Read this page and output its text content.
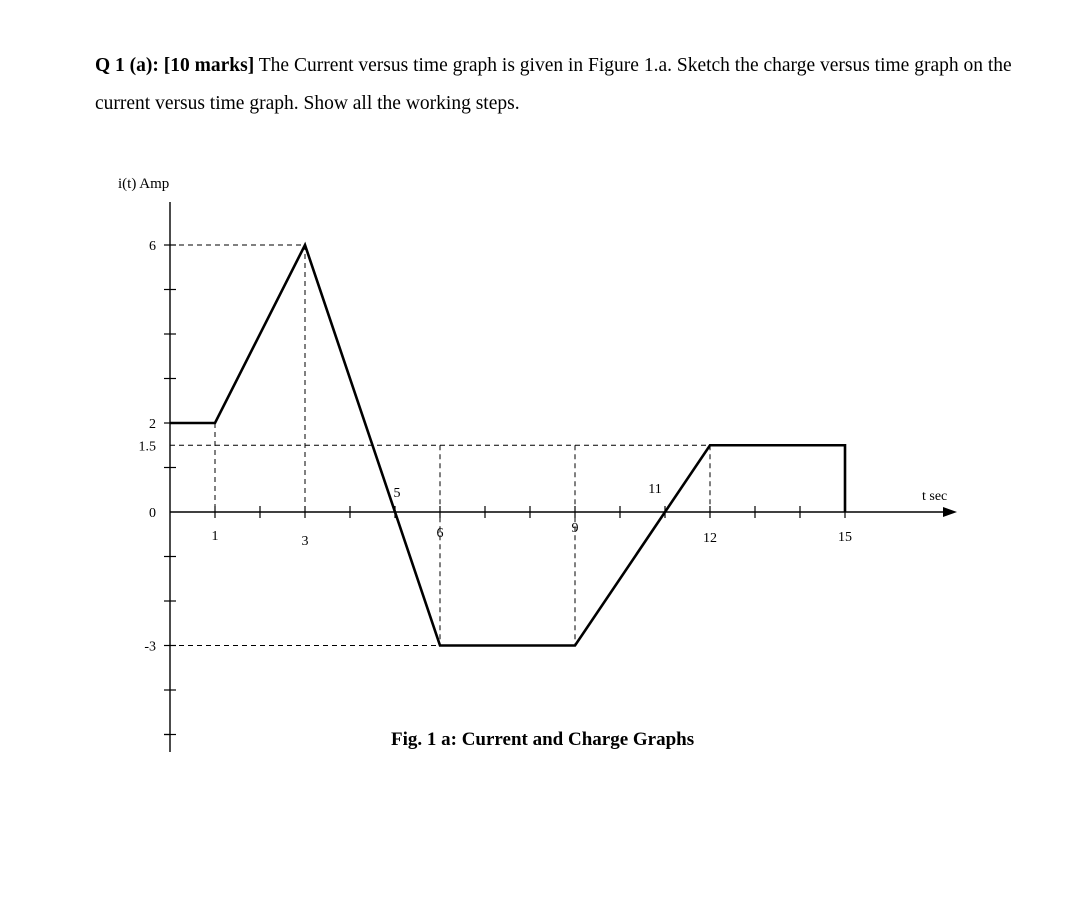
Q 1 (a): [10 marks] The Current versus time graph is given in Figure 1.a. Sketch the charge versus time graph on the current versus time graph. Show all the working steps.

i(t) Amp
t sec
6
2
1.5
0
-3
1	3
5
6	9
11
12	15

Fig. 1 a: Current and Charge Graphs
